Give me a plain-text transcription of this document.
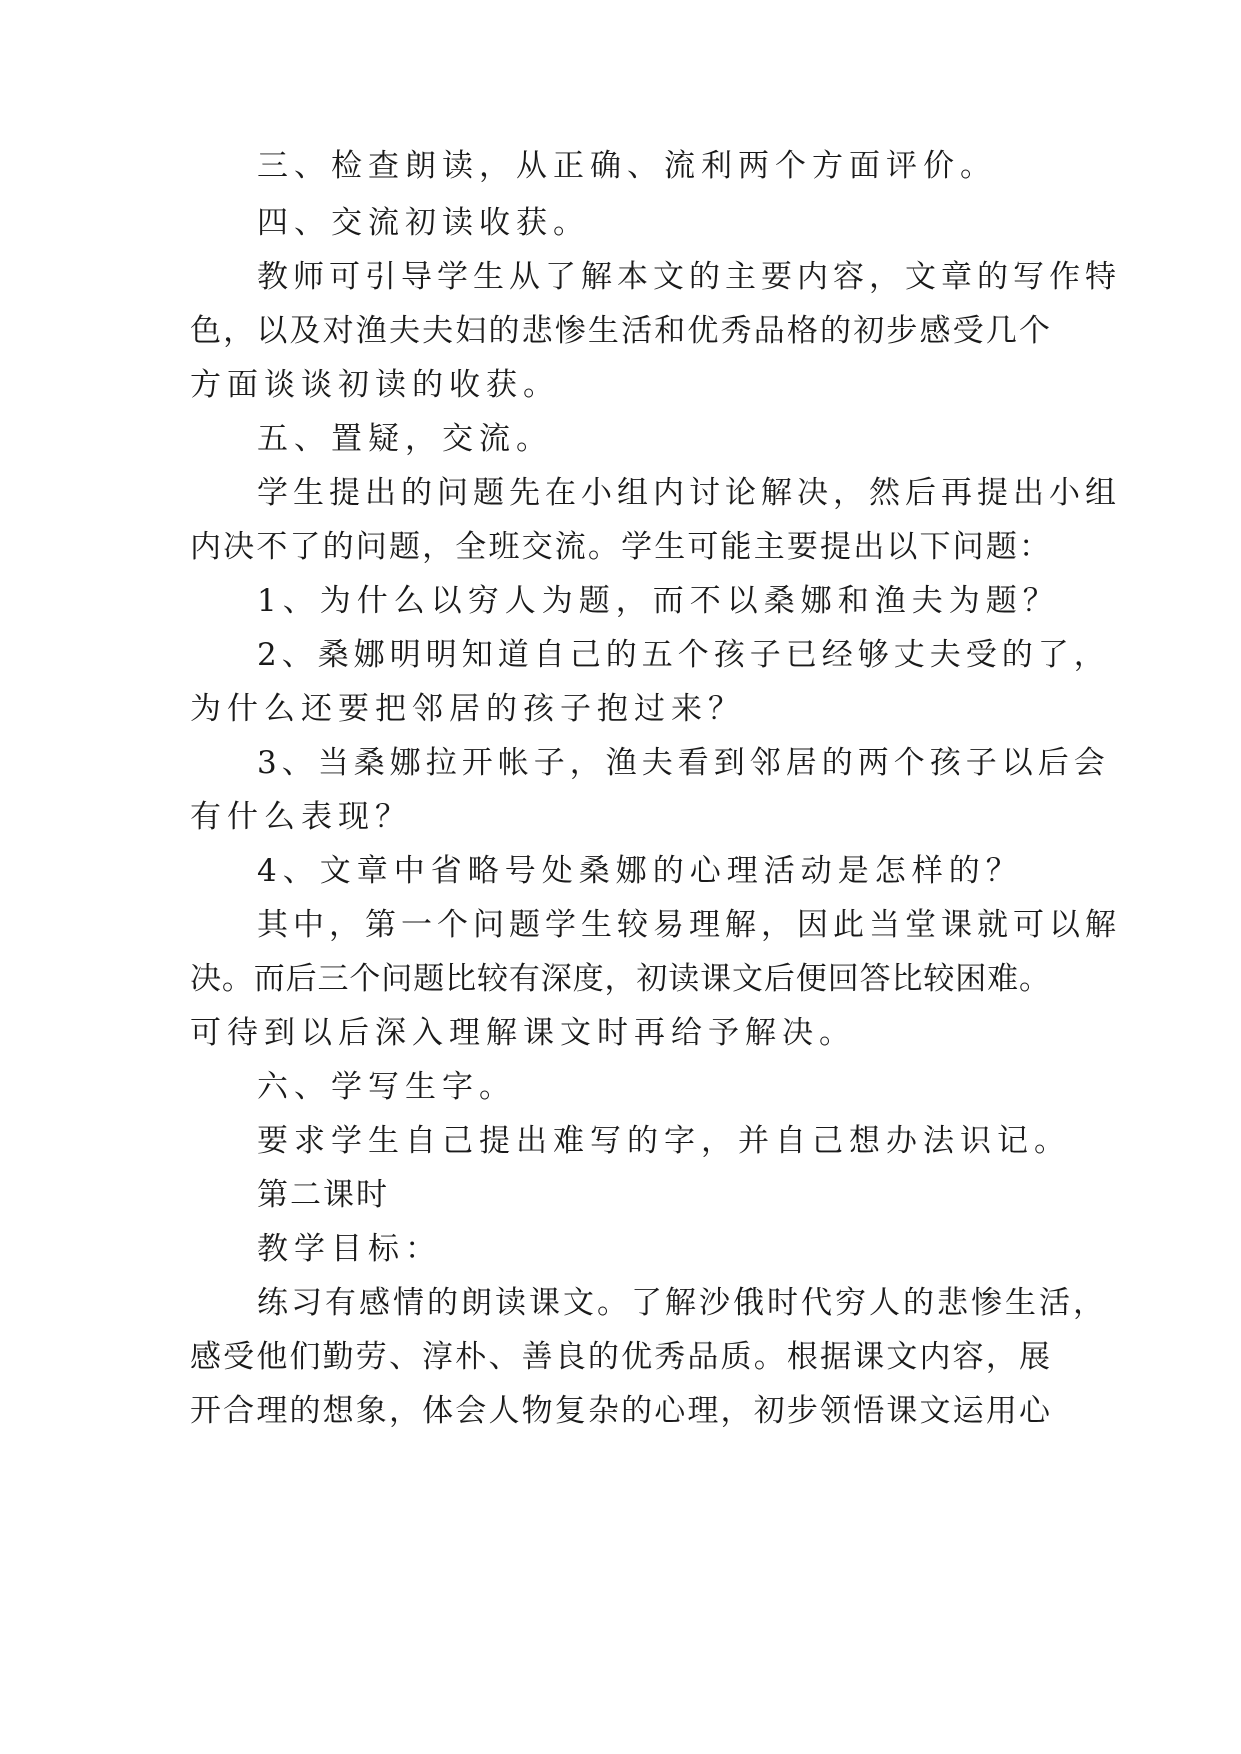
三、检查朗读，从正确、流利两个方面评价。
四、交流初读收获。
教师可引导学生从了解本文的主要内容，文章的写作特
色，以及对渔夫夫妇的悲惨生活和优秀品格的初步感受几个
方面谈谈初读的收获。
五、置疑，交流。
学生提出的问题先在小组内讨论解决，然后再提出小组
内决不了的问题，全班交流。学生可能主要提出以下问题：
1、为什么以穷人为题，而不以桑娜和渔夫为题？
2、桑娜明明知道自己的五个孩子已经够丈夫受的了，
为什么还要把邻居的孩子抱过来？
3、当桑娜拉开帐子，渔夫看到邻居的两个孩子以后会
有什么表现？
4、文章中省略号处桑娜的心理活动是怎样的？
其中，第一个问题学生较易理解，因此当堂课就可以解
决。而后三个问题比较有深度，初读课文后便回答比较困难。
可待到以后深入理解课文时再给予解决。
六、学写生字。
要求学生自己提出难写的字，并自己想办法识记。
第二课时
教学目标：
练习有感情的朗读课文。了解沙俄时代穷人的悲惨生活，
感受他们勤劳、淳朴、善良的优秀品质。根据课文内容，展
开合理的想象，体会人物复杂的心理，初步领悟课文运用心
